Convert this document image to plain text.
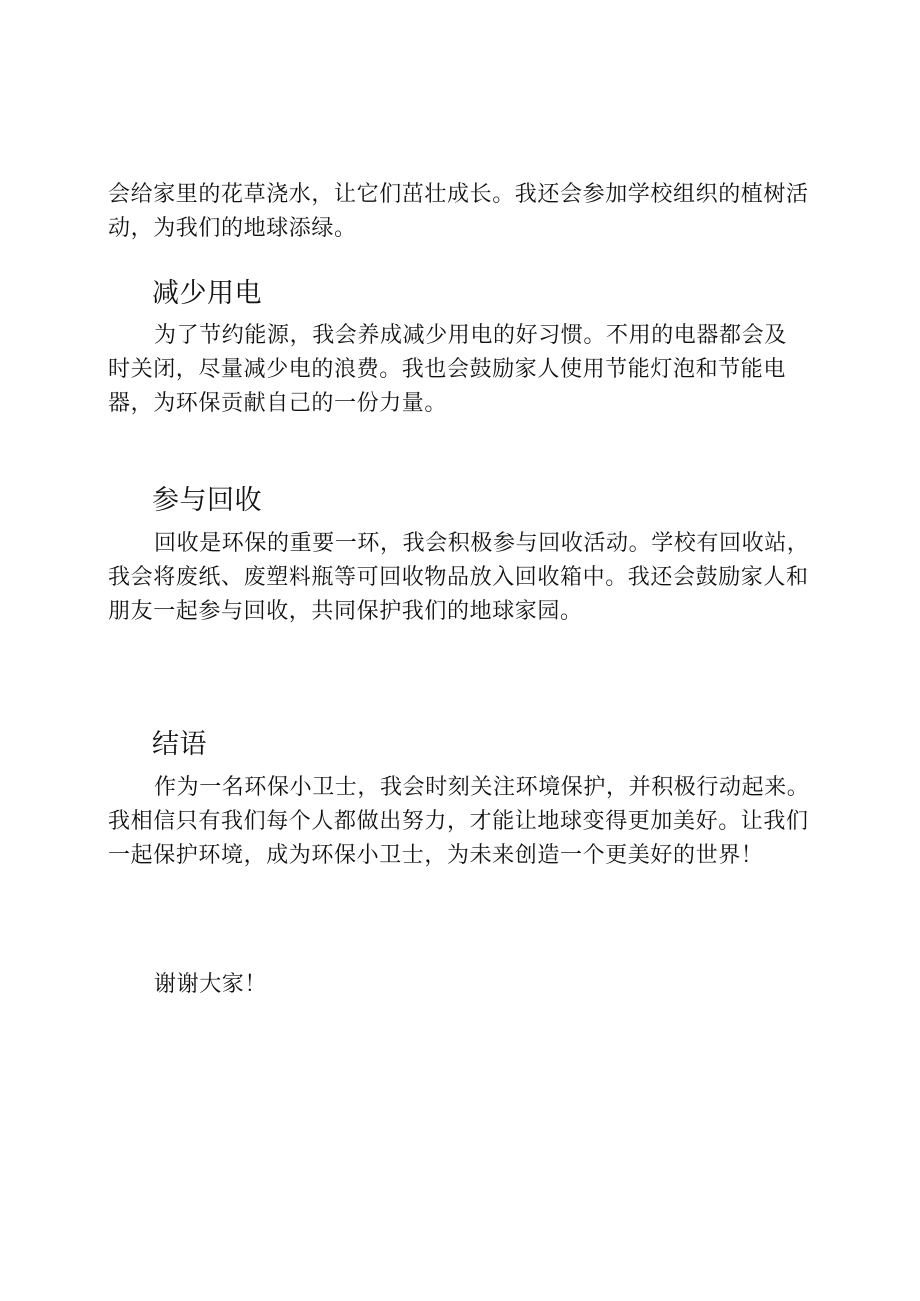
会给家里的花草浇水，让它们茁壮成长。我还会参加学校组织的植树活
动，为我们的地球添绿。

减少用电

为了节约能源，我会养成减少用电的好习惯。不用的电器都会及
时关闭，尽量减少电的浪费。我也会鼓励家人使用节能灯泡和节能电
器，为环保贡献自己的一份力量。

参与回收

回收是环保的重要一环，我会积极参与回收活动。学校有回收站，
我会将废纸、废塑料瓶等可回收物品放入回收箱中。我还会鼓励家人和
朋友一起参与回收，共同保护我们的地球家园。

结语

作为一名环保小卫士，我会时刻关注环境保护，并积极行动起来。
我相信只有我们每个人都做出努力，才能让地球变得更加美好。让我们
一起保护环境，成为环保小卫士，为未来创造一个更美好的世界！

谢谢大家！
